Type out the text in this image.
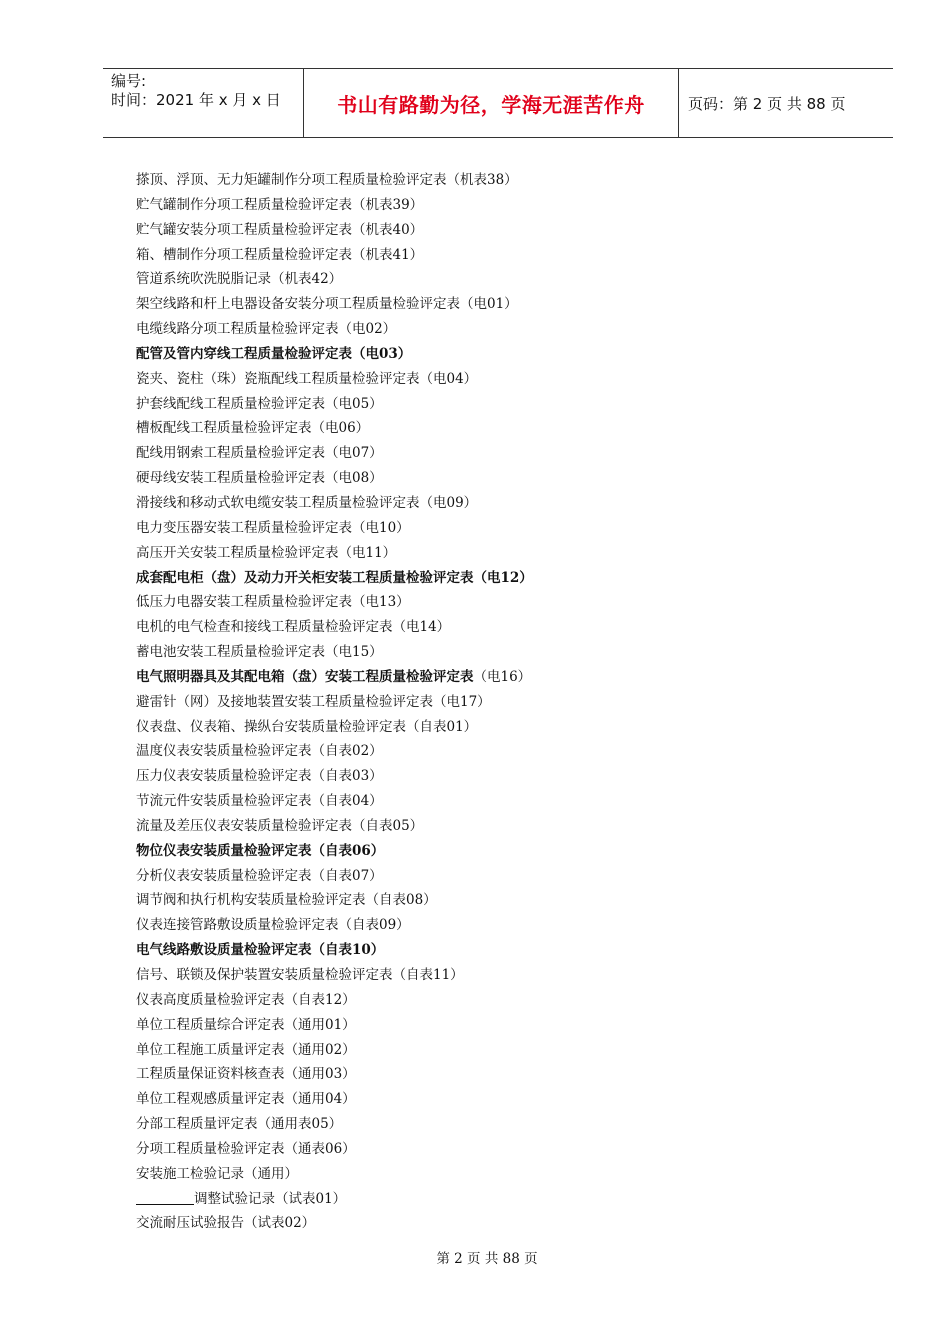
编号:
时间：2021 年 x 月 x 日	书山有路勤为径，学海无涯苦作舟	页码：第 2 页 共 88 页
搽顶、浮顶、无力矩罐制作分项工程质量检验评定表（机表38）
贮气罐制作分项工程质量检验评定表（机表39）
贮气罐安装分项工程质量检验评定表（机表40）
箱、槽制作分项工程质量检验评定表（机表41）
管道系统吹洗脱脂记录（机表42）
架空线路和杆上电器设备安装分项工程质量检验评定表（电01）
电缆线路分项工程质量检验评定表（电02）
配管及管内穿线工程质量检验评定表（电03）
瓷夹、瓷柱（珠）瓷瓶配线工程质量检验评定表（电04）
护套线配线工程质量检验评定表（电05）
槽板配线工程质量检验评定表（电06）
配线用钢索工程质量检验评定表（电07）
硬母线安装工程质量检验评定表（电08）
滑接线和移动式软电缆安装工程质量检验评定表（电09）
电力变压器安装工程质量检验评定表（电10）
高压开关安装工程质量检验评定表（电11）
成套配电柜（盘）及动力开关柜安装工程质量检验评定表（电12）
低压力电器安装工程质量检验评定表（电13）
电机的电气检查和接线工程质量检验评定表（电14）
蓄电池安装工程质量检验评定表（电15）
电气照明器具及其配电箱（盘）安装工程质量检验评定表（电16）
避雷针（网）及接地装置安装工程质量检验评定表（电17）
仪表盘、仪表箱、操纵台安装质量检验评定表（自表01）
温度仪表安装质量检验评定表（自表02）
压力仪表安装质量检验评定表（自表03）
节流元件安装质量检验评定表（自表04）
流量及差压仪表安装质量检验评定表（自表05）
物位仪表安装质量检验评定表（自表06）
分析仪表安装质量检验评定表（自表07）
调节阀和执行机构安装质量检验评定表（自表08）
仪表连接管路敷设质量检验评定表（自表09）
电气线路敷设质量检验评定表（自表10）
信号、联锁及保护装置安装质量检验评定表（自表11）
仪表高度质量检验评定表（自表12）
单位工程质量综合评定表（通用01）
单位工程施工质量评定表（通用02）
工程质量保证资料核查表（通用03）
单位工程观感质量评定表（通用04）
分部工程质量评定表（通用表05）
分项工程质量检验评定表（通表06）
安装施工检验记录（通用）
调整试验记录（试表01）
交流耐压试验报告（试表02）
第 2 页 共 88 页
